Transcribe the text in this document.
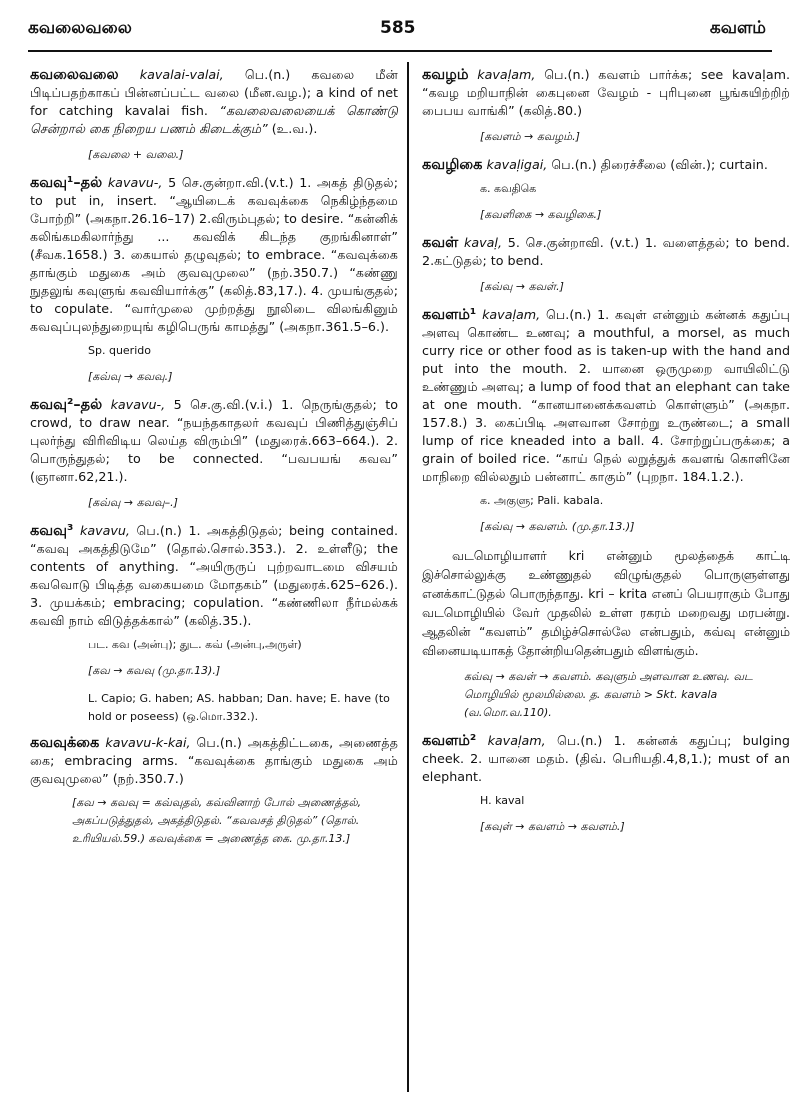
கவலைவலை	585	கவளம்
கவலைவலை kavalai-valai, பெ.(n.) கவலை மீன் பிடிப்பதற்காகப் பின்னப்பட்ட வலை (மீன.வழ.); a kind of net for catching kavalai fish. “கவலைவலையைக் கொண்டு சென்றால் கை நிறைய பணம் கிடைக்கும்” (உ.வ.).
[கவலை + வலை.]
கவவு¹–தல் kavavu-, 5 செ.குன்றா.வி.(v.t.) 1. அகத் திடுதல்; to put in, insert. “ஆயிடைக் கவவுக்கை நெகிழ்ந்தமை போற்றி” (அகநா.26.16–17) 2.விரும்புதல்; to desire. “கன்னிக் கலிங்கமகிலார்ந்து ... கவவிக் கிடந்த குறங்கினாள்” (சீவக.1658.) 3. கையால் தழுவுதல்; to embrace. “கவவுக்கை தாங்கும் மதுகை அம் குவவுமுலை” (நற்.350.7.) “கண்ணு நுதலுங் கவுளுங் கவவியார்க்கு” (கலித்.83,17.). 4. முயங்குதல்; to copulate. “வார்முலை முற்றத்து நூலிடை விலங்கினும் கவவுப்புலந்துறையுங் கழிபெருங் காமத்து” (அகநா.361.5–6.).
Sp. querido
[கவ்வு → கவவு.]
கவவு²–தல் kavavu-, 5 செ.கு.வி.(v.i.) 1. நெருங்குதல்; to crowd, to draw near. “நயந்தகாதலர் கவவுப் பிணித்துஞ்சிப் புலர்ந்து விரிவிடிய லெய்த விரும்பி” (மதுரைக்.663–664.). 2. பொருந்துதல்; to be connected. “பவபயங் கவவ” (ஞானா.62,21.).
[கவ்வு → கவவு–.]
கவவு³ kavavu, பெ.(n.) 1. அகத்திடுதல்; being contained. “கவவு அகத்திடுமே” (தொல்.சொல்.353.). 2. உள்ளீடு; the contents of anything. “அயிருருப் புற்றவாடமை விசயம் கவவொடு பிடித்த வகையமை மோதகம்” (மதுரைக்.625–626.). 3. முயக்கம்; embracing; copulation. “கண்ணிலா நீர்மல்கக் கவவி நாம் விடுத்தக்கால்” (கலித்.35.).
பட. கவ (அன்பு); துட. கவ் (அன்பு,அருள்)
[கவ → கவவு (மு.தா.13).]
L. Capio; G. haben; AS. habban; Dan. have; E. have (to hold or poseess) (ஒ.மொ.332.).
கவவுக்கை kavavu-k-kai, பெ.(n.) அகத்திட்டகை, அணைத்த கை; embracing arms. “கவவுக்கை தாங்கும் மதுகை அம் குவவுமுலை” (நற்.350.7.)
[கவ → கவவு = கவ்வுதல், கவ்வினாற் போல் அணைத்தல், அகப்படுத்துதல், அகத்திடுதல். “கவவசத் திடுதல்” (தொல். உரியியல்.59.) கவவுக்கை = அணைத்த கை. மு.தா.13.]
கவழம் kavaḷam, பெ.(n.) கவளம் பார்க்க; see kavaḷam. “கவழ மறியாநின் கைபுனை வேழம் - புரிபுனை பூங்கயிற்றிற் பைபய வாங்கி” (கலித்.80.)
[கவளம் → கவழம்.]
கவழிகை kavaḷigai, பெ.(n.) திரைச்சீலை (வின்.); curtain.
க. கவதிகெ
[கவளிகை → கவழிகை.]
கவள் kavaḷ, 5. செ.குன்றாவி. (v.t.) 1. வளைத்தல்; to bend. 2.கட்டுதல்; to bend.
[கவ்வு → கவள்.]
கவளம்¹ kavaḷam, பெ.(n.) 1. கவுள் என்னும் கன்னக் கதுப்பு அளவு கொண்ட உணவு; a mouthful, a morsel, as much curry rice or other food as is taken-up with the hand and put into the mouth. 2. யானை ஒருமுறை வாயிலிட்டு உண்ணும் அளவு; a lump of food that an elephant can take at one mouth. “கானயானைக்கவளம் கொள்ளும்” (அகநா. 157.8.) 3. கைப்பிடி அளவான சோற்று உருண்டை; a small lump of rice kneaded into a ball. 4. சோற்றுப்பருக்கை; a grain of boiled rice. “காய் நெல் லறுத்துக் கவளங் கொளினே மாநிறை வில்லதும் பன்னாட் காகும்” (புறநா. 184.1.2.).
க. அகுளு; Pali. kabala.
[கவ்வு → கவளம். (மு.தா.13.)]
வடமொழியாளர் kri என்னும் மூலத்தைக் காட்டி இச்சொல்லுக்கு உண்ணுதல் விழுங்குதல் பொருளுள்ளது எனக்காட்டுதல் பொருந்தாது. kri – krita எனப் பெயராகும் போது வடமொழியில் வேர் முதலில் உள்ள ரகரம் மறைவது மரபன்று. ஆதலின் “கவளம்” தமிழ்ச்சொல்லே என்பதும், கவ்வு என்னும் வினையடியாகத் தோன்றியதென்பதும் விளங்கும்.
கவ்வு → கவள் → கவளம். கவுளும் அளவான உணவு. வட மொழியில் மூலமில்லை. த. கவளம் > Skt. kavala (வ.மொ.வ.110).
கவளம்² kavaḷam, பெ.(n.) 1. கன்னக் கதுப்பு; bulging cheek. 2. யானை மதம். (திவ். பெரியதி.4,8,1.); must of an elephant.
H. kaval
[கவுள் → கவளம் → கவளம்.]
